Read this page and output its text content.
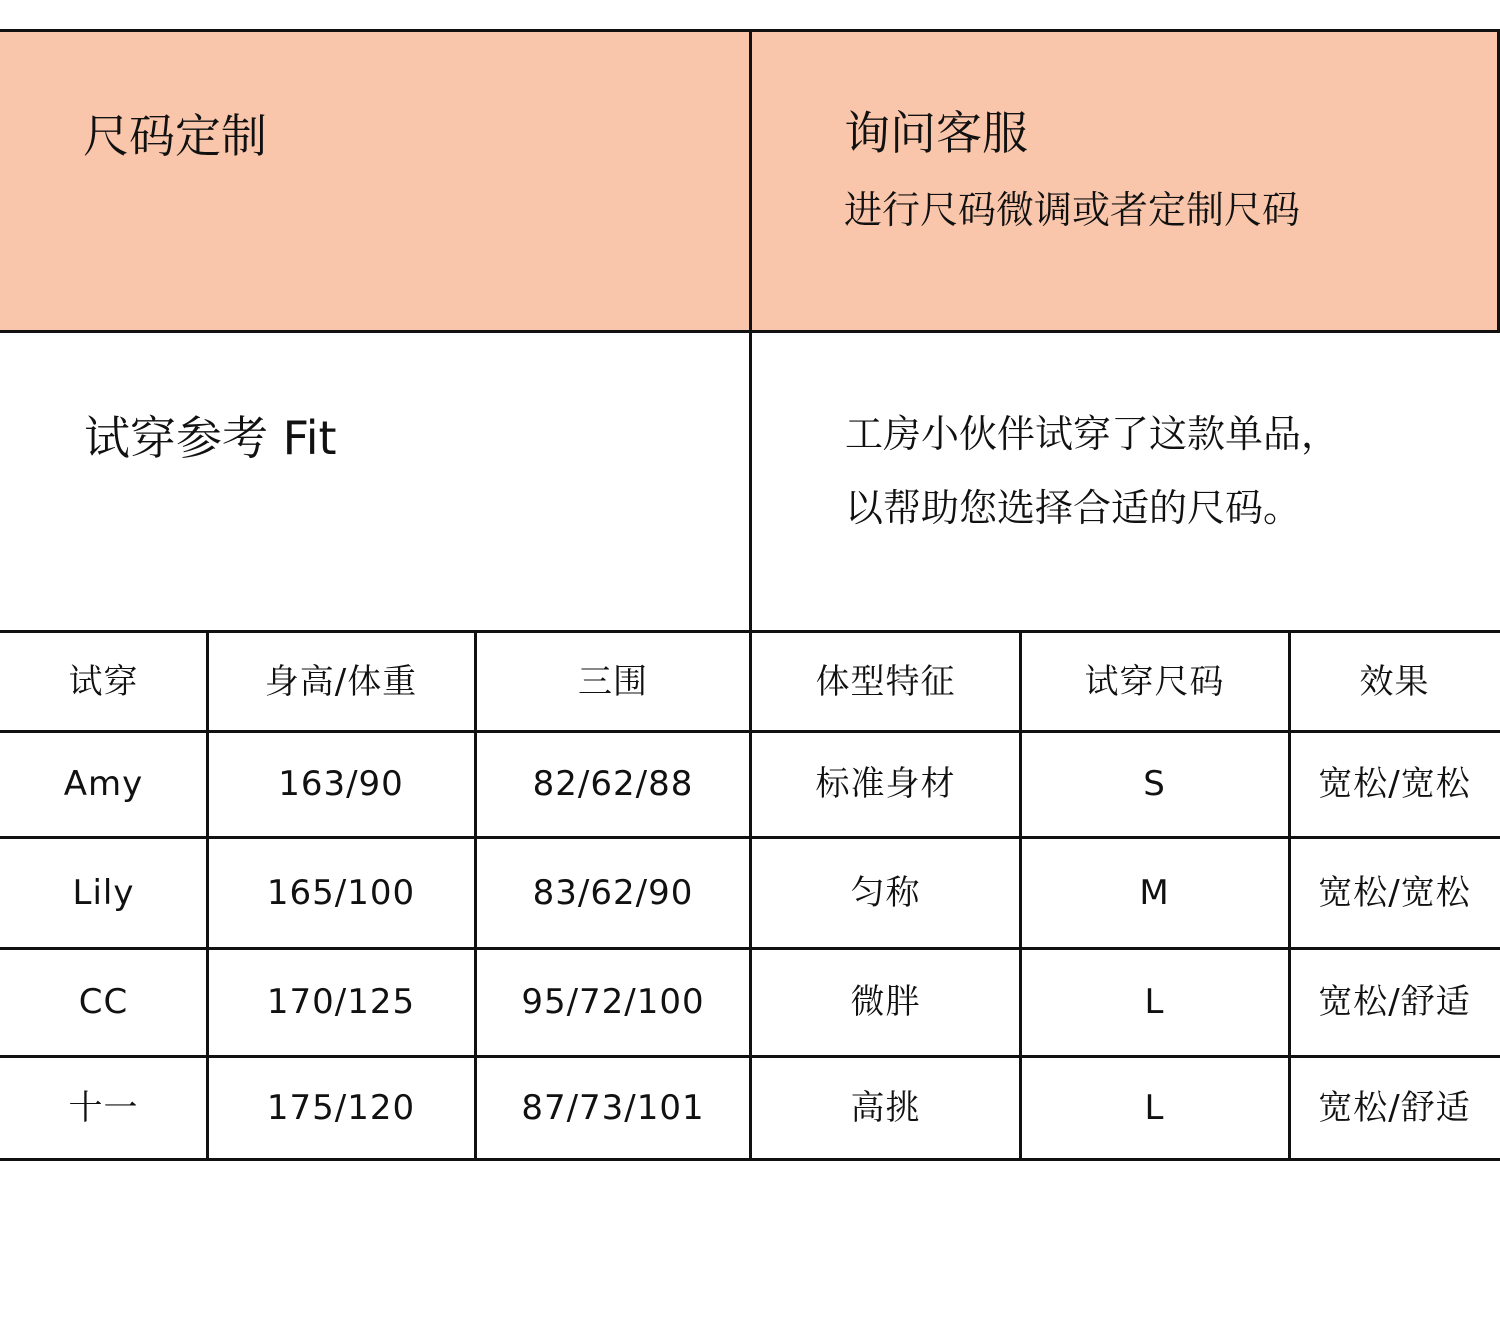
尺码定制	询问客服
进行尺码微调或者定制尺码
试穿参考 Fit	工房小伙伴试穿了这款单品，
以帮助您选择合适的尺码。
试穿	身高/体重	三围	体型特征	试穿尺码	效果
Amy	163/90	82/62/88	标准身材	S	宽松/宽松
Lily	165/100	83/62/90	匀称	M	宽松/宽松
CC	170/125	95/72/100	微胖	L	宽松/舒适
十一	175/120	87/73/101	高挑	L	宽松/舒适
